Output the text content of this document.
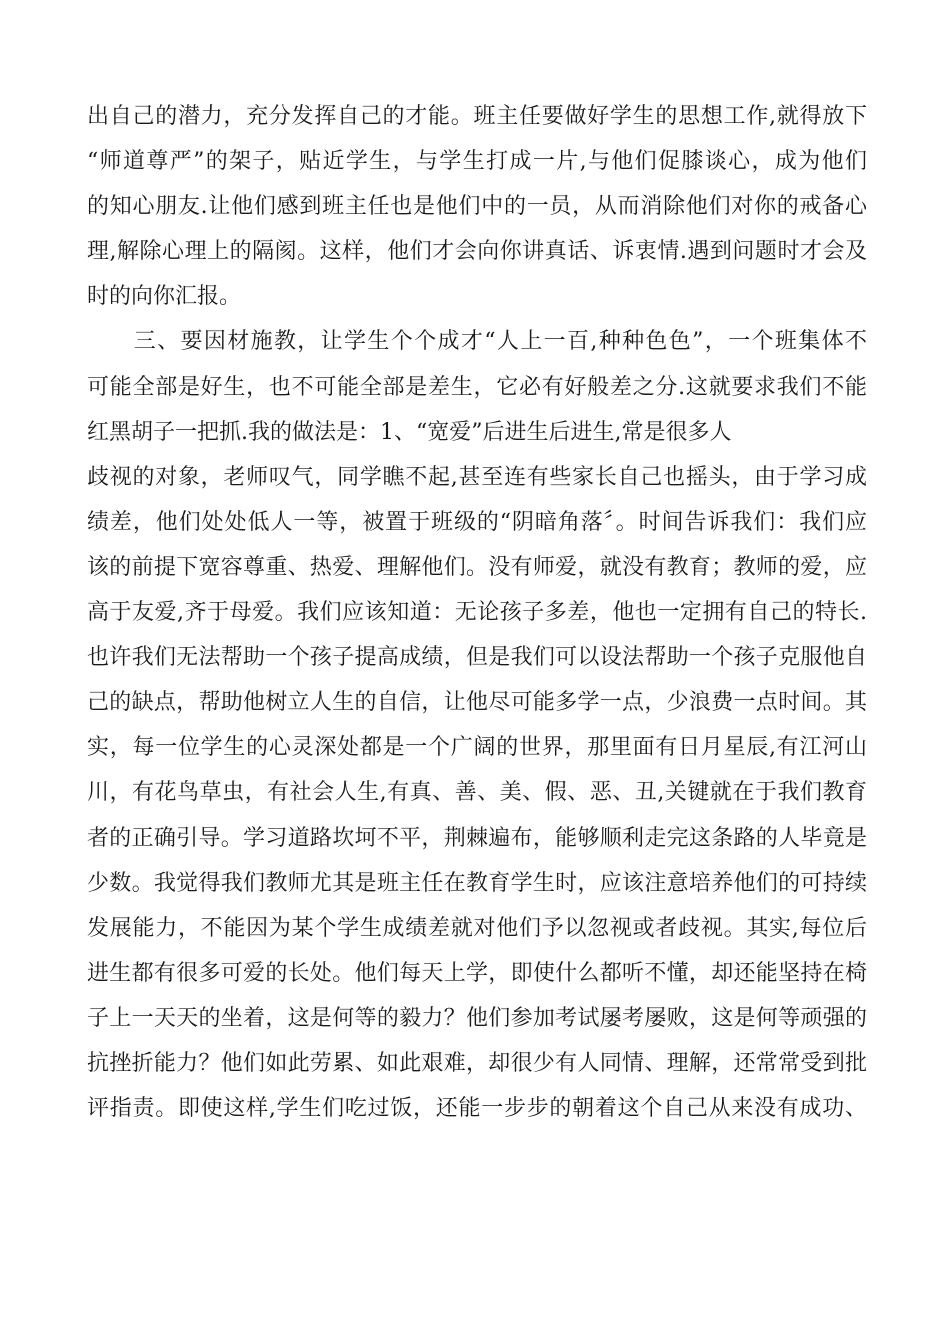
出自己的潜力，充分发挥自己的才能。班主任要做好学生的思想工作,就得放下
“师道尊严”的架子，贴近学生，与学生打成一片,与他们促膝谈心，成为他们
的知心朋友.让他们感到班主任也是他们中的一员，从而消除他们对你的戒备心
理,解除心理上的隔阂。这样，他们才会向你讲真话、诉衷情.遇到问题时才会及
时的向你汇报。
　　三、要因材施教，让学生个个成才“人上一百,种种色色”，一个班集体不
可能全部是好生，也不可能全部是差生，它必有好般差之分.这就要求我们不能
红黑胡子一把抓.我的做法是：1、“宽爱”后进生后进生,常是很多人
歧视的对象，老师叹气，同学瞧不起,甚至连有些家长自己也摇头，由于学习成
绩差，他们处处低人一等，被置于班级的“阴暗角落〞。时间告诉我们：我们应
该的前提下宽容尊重、热爱、理解他们。没有师爱，就没有教育；教师的爱，应
高于友爱,齐于母爱。我们应该知道：无论孩子多差，他也一定拥有自己的特长.
也许我们无法帮助一个孩子提高成绩，但是我们可以设法帮助一个孩子克服他自
己的缺点，帮助他树立人生的自信，让他尽可能多学一点，少浪费一点时间。其
实，每一位学生的心灵深处都是一个广阔的世界，那里面有日月星辰,有江河山
川，有花鸟草虫，有社会人生,有真、善、美、假、恶、丑,关键就在于我们教育
者的正确引导。学习道路坎坷不平，荆棘遍布，能够顺利走完这条路的人毕竟是
少数。我觉得我们教师尤其是班主任在教育学生时，应该注意培养他们的可持续
发展能力，不能因为某个学生成绩差就对他们予以忽视或者歧视。其实,每位后
进生都有很多可爱的长处。他们每天上学，即使什么都听不懂，却还能坚持在椅
子上一天天的坐着，这是何等的毅力？他们参加考试屡考屡败，这是何等顽强的
抗挫折能力？他们如此劳累、如此艰难，却很少有人同情、理解，还常常受到批
评指责。即使这样,学生们吃过饭，还能一步步的朝着这个自己从来没有成功、
